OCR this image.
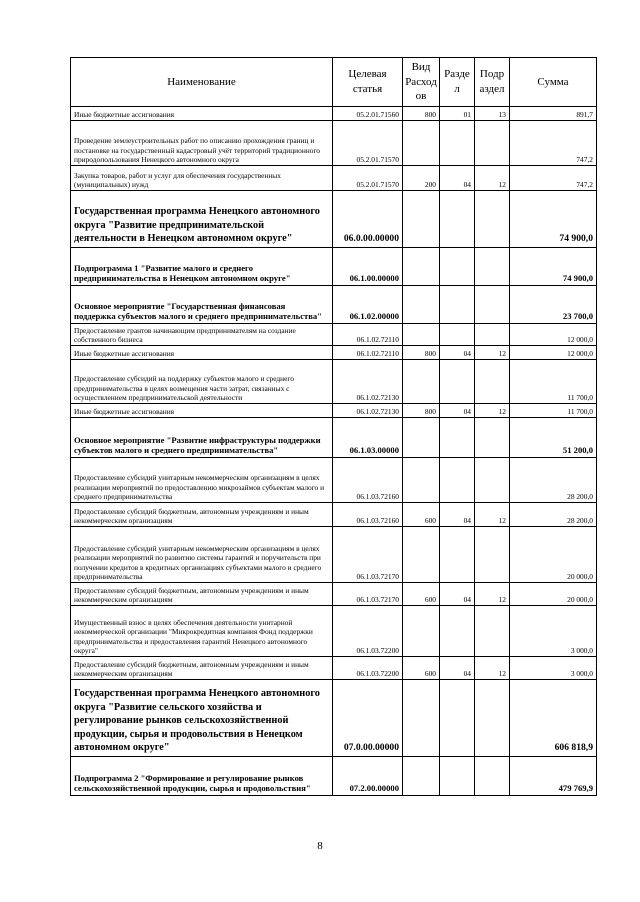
Наименование	Целевая статья	Вид Расход ов	Разде л	Подр аздел	Сумма
Иные бюджетные ассигнования	05.2.01.71560	800	01	13	891,7
Проведение землеустроительных работ по описанию прохождения границ и постановке на государственный кадастровый учёт территорий традиционного природопользования Ненецкого автономного округа	05.2.01.71570				747,2
Закупка товаров, работ и услуг для обеспечения государственных (муниципальных) нужд	05.2.01.71570	200	04	12	747,2
Государственная программа Ненецкого автономного округа "Развитие предпринимательской деятельности в Ненецком автономном округе"	06.0.00.00000				74 900,0
Подпрограмма 1 "Развитие малого и среднего предпринимательства в Ненецком автономном округе"	06.1.00.00000				74 900,0
Основное мероприятие "Государственная финансовая поддержка субъектов малого и среднего предпринимательства"	06.1.02.00000				23 700,0
Предоставление грантов начинающим предпринимателям на создание собственного бизнеса	06.1.02.72110				12 000,0
Иные бюджетные ассигнования	06.1.02.72110	800	04	12	12 000,0
Предоставление субсидий на поддержку субъектов малого и среднего предпринимательства в целях возмещения части затрат, связанных с осуществлением предпринимательской деятельности	06.1.02.72130				11 700,0
Иные бюджетные ассигнования	06.1.02.72130	800	04	12	11 700,0
Основное мероприятие "Развитие инфраструктуры поддержки субъектов малого и среднего предпринимательства"	06.1.03.00000				51 200,0
Предоставление субсидий унитарным некоммерческим организациям в целях реализации мероприятий по предоставлению микрозаймов субъектам малого и среднего предпринимательства	06.1.03.72160				28 200,0
Предоставление субсидий бюджетным, автономным учреждениям и иным некоммерческим организациям	06.1.03.72160	600	04	12	28 200,0
Предоставление субсидий унитарным некоммерческим организациям в целях реализации мероприятий по развитию системы гарантий и поручительств при получении кредитов в кредитных организациях субъектами малого и среднего предпринимательства	06.1.03.72170				20 000,0
Предоставление субсидий бюджетным, автономным учреждениям и иным некоммерческим организациям	06.1.03.72170	600	04	12	20 000,0
Имущественный взнос в целях обеспечения деятельности унитарной некоммерческой организации "Микрокредитная компания Фонд поддержки предпринимательства и предоставления гарантий Ненецкого автономного округа"	06.1.03.72200				3 000,0
Предоставление субсидий бюджетным, автономным учреждениям и иным некоммерческим организациям	06.1.03.72200	600	04	12	3 000,0
Государственная программа Ненецкого автономного округа "Развитие сельского хозяйства и регулирование рынков сельскохозяйственной продукции, сырья и продовольствия в Ненецком автономном округе"	07.0.00.00000				606 818,9
Подпрограмма 2 "Формирование и регулирование рынков сельскохозяйственной продукции, сырья и продовольствия"	07.2.00.00000				479 769,9
8
